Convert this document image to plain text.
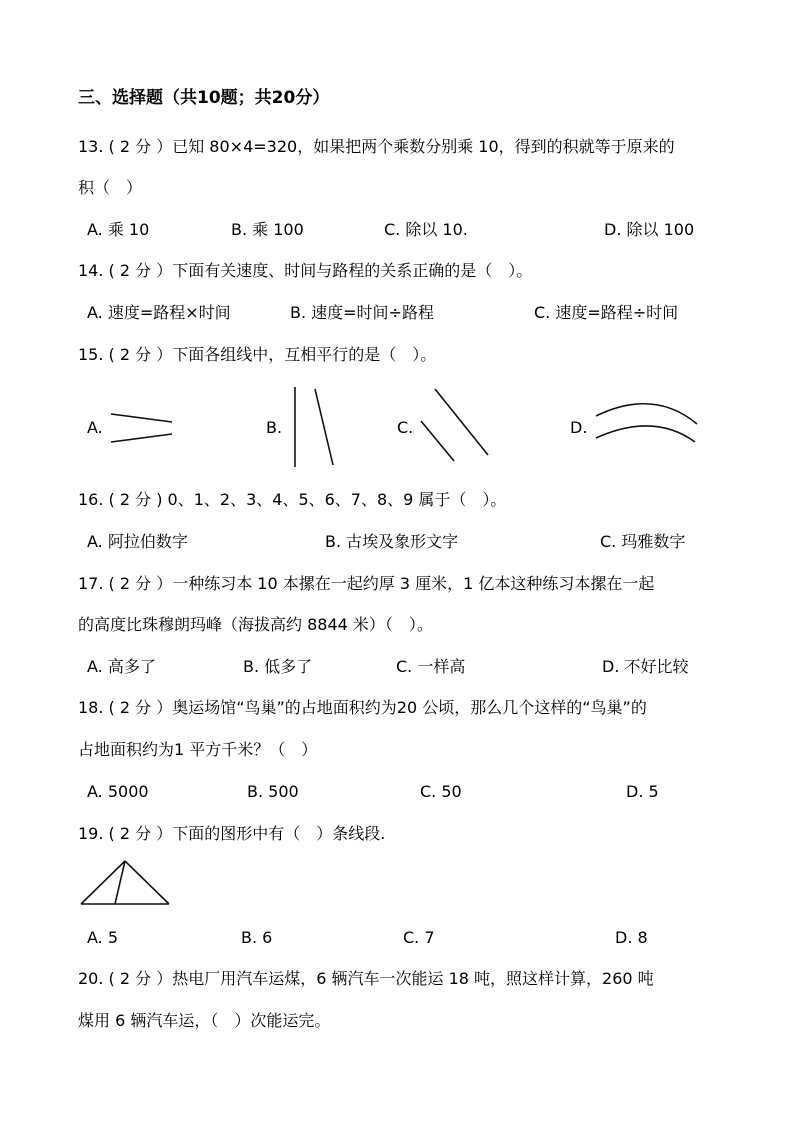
三、选择题（共10题；共20分）
13. ( 2 分 ）已知 80×4=320，如果把两个乘数分别乘 10，得到的积就等于原来的
积（　）
A. 乘 10	B. 乘 100	C. 除以 10.	D. 除以 100
14. ( 2 分 ）下面有关速度、时间与路程的关系正确的是（　）。
A. 速度=路程×时间	B. 速度=时间÷路程	C. 速度=路程÷时间
15. ( 2 分 ）下面各组线中，互相平行的是（　）。
A.	B.	C.	D.
16. ( 2 分 ) 0、1、2、3、4、5、6、7、8、9 属于（　）。
A. 阿拉伯数字	B. 古埃及象形文字	C. 玛雅数字
17. ( 2 分 ）一种练习本 10 本摞在一起约厚 3 厘米，1 亿本这种练习本摞在一起
的高度比珠穆朗玛峰（海拔高约 8844 米）（　）。
A. 高多了	B. 低多了	C. 一样高	D. 不好比较
18. ( 2 分 ）奥运场馆“鸟巢”的占地面积约为20 公顷，那么几个这样的“鸟巢”的
占地面积约为1 平方千米？（　）
A. 5000	B. 500	C. 50	D. 5
19. ( 2 分 ）下面的图形中有（　）条线段.
A. 5	B. 6	C. 7	D. 8
20. ( 2 分 ）热电厂用汽车运煤，6 辆汽车一次能运 18 吨，照这样计算，260 吨
煤用 6 辆汽车运，（　）次能运完。
